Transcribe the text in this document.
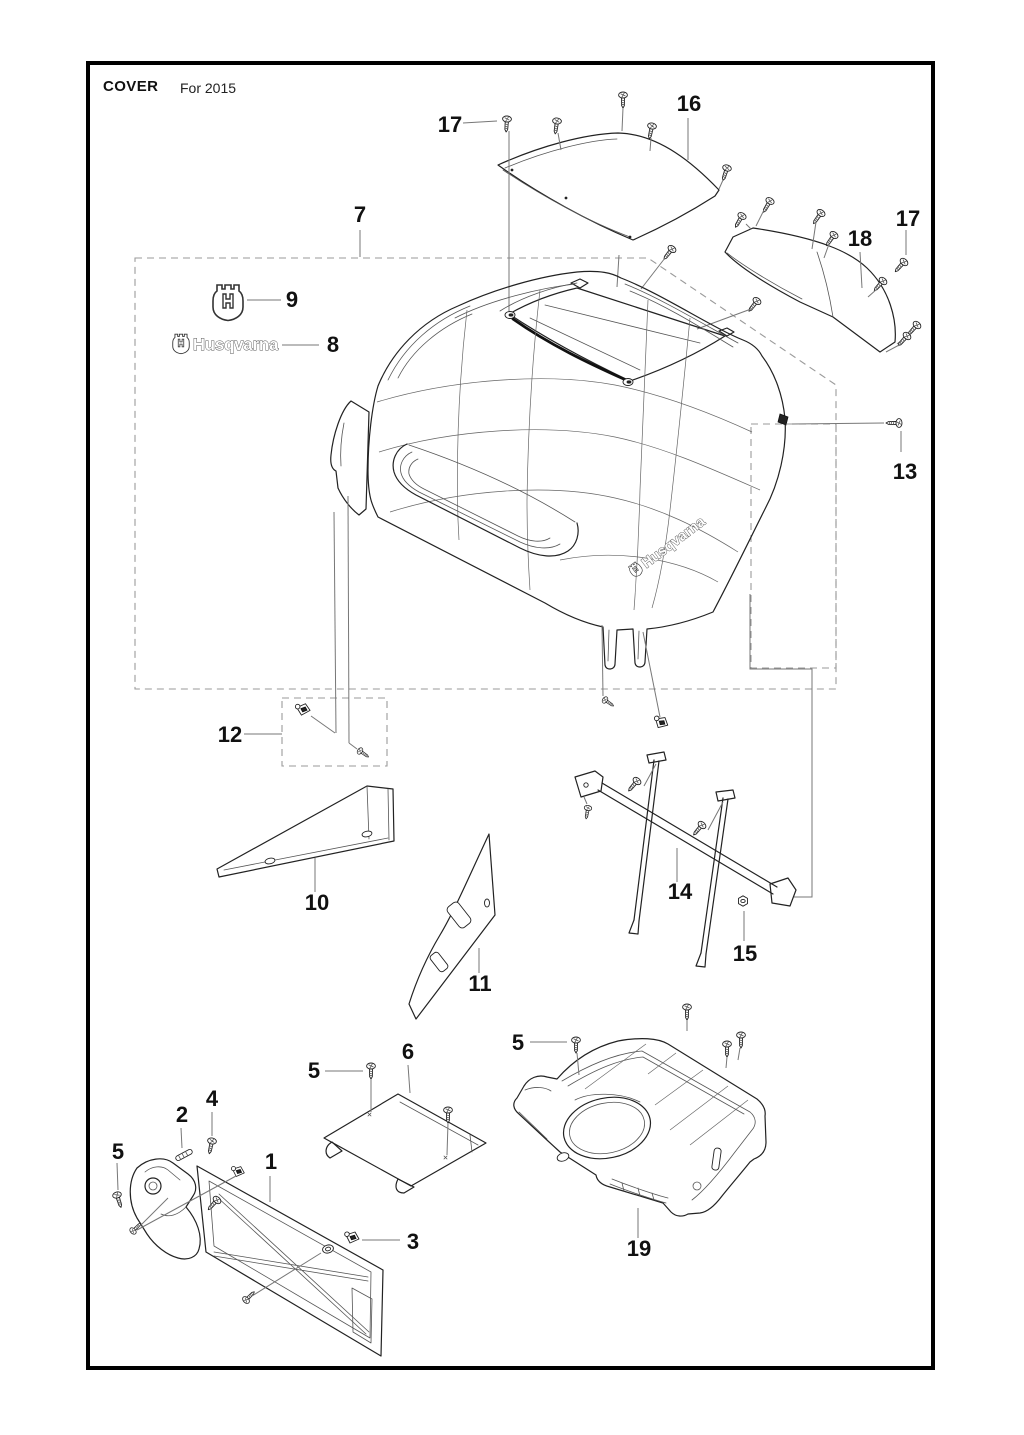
COVER For 2015
16
17
18
17
Husqvarna
7
9
Husqvarna 8
13
12
10
11
14
15
6
5
5
19
2
4
5
3
1
